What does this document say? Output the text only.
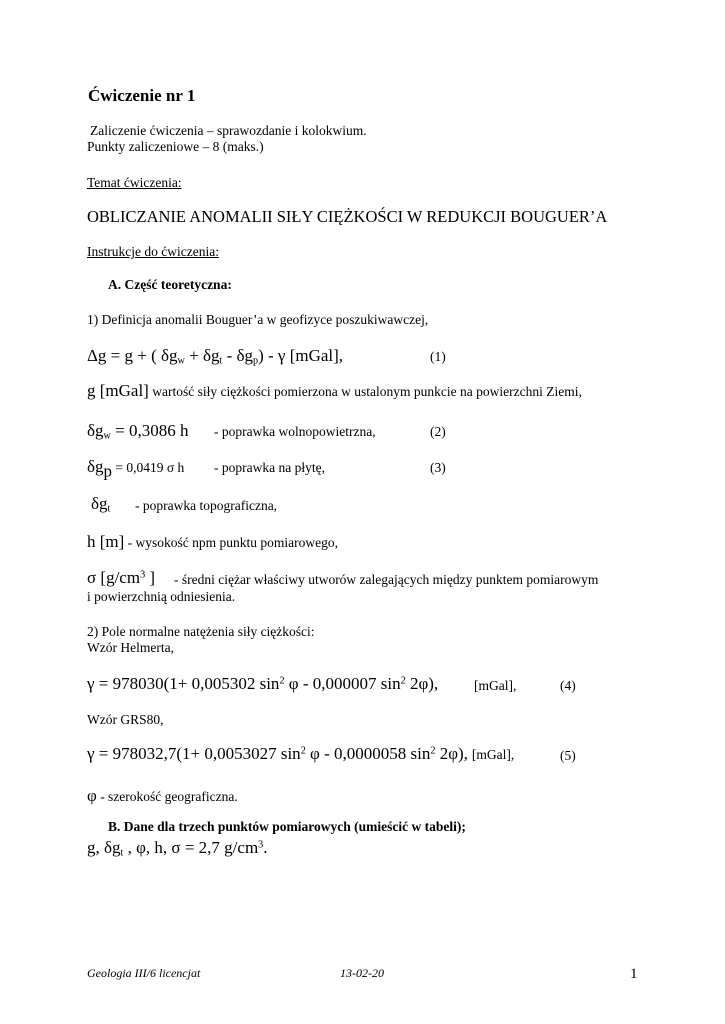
Ćwiczenie nr 1
Zaliczenie ćwiczenia – sprawozdanie i kolokwium.
Punkty zaliczeniowe – 8 (maks.)
Temat ćwiczenia:
OBLICZANIE ANOMALII SIŁY CIĘŻKOŚCI W REDUKCJI BOUGUER’A
Instrukcje do ćwiczenia:
A. Część teoretyczna:
1) Definicja anomalii Bouguer’a w geofizyce poszukiwawczej,
Δg = g + ( $\delta g_w + \delta g_t - \delta g_p) - \gamma$ [mGal],	(1)
g [mGal] wartość siły ciężkości pomierzona w ustalonym punkcie na powierzchni Ziemi,
$\delta g_w = 0,3086$ h - poprawka wolnopowietrzna,	(2)
$\delta g_p = 0,0419$ σ h - poprawka na płytę,	(3)
$\delta g_t$ - poprawka topograficzna,
h [m] - wysokość npm punktu pomiarowego,
σ [$g/cm^3$ ] - średni ciężar właściwy utworów zalegających między punktem pomiarowym
i powierzchnią odniesienia.
2) Pole normalne natężenia siły ciężkości:
Wzór Helmerta,
γ = 978030(1+ 0,005302 $\sin^2 \varphi - 0,000007$ $\sin^2 2\varphi$),	[mGal],	(4)
Wzór GRS80,
γ = 978032,7(1+ 0,0053027 $\sin^2 \varphi - 0,0000058$ $\sin^2 2\varphi$), [mGal],	(5)
φ - szerokość geograficzna.
B. Dane dla trzech punktów pomiarowych (umieścić w tabeli);
g, $\delta g_t$ , φ, h, σ = 2,7 $g/cm^3$.
Geologia III/6 licencjat	13-02-20	1
